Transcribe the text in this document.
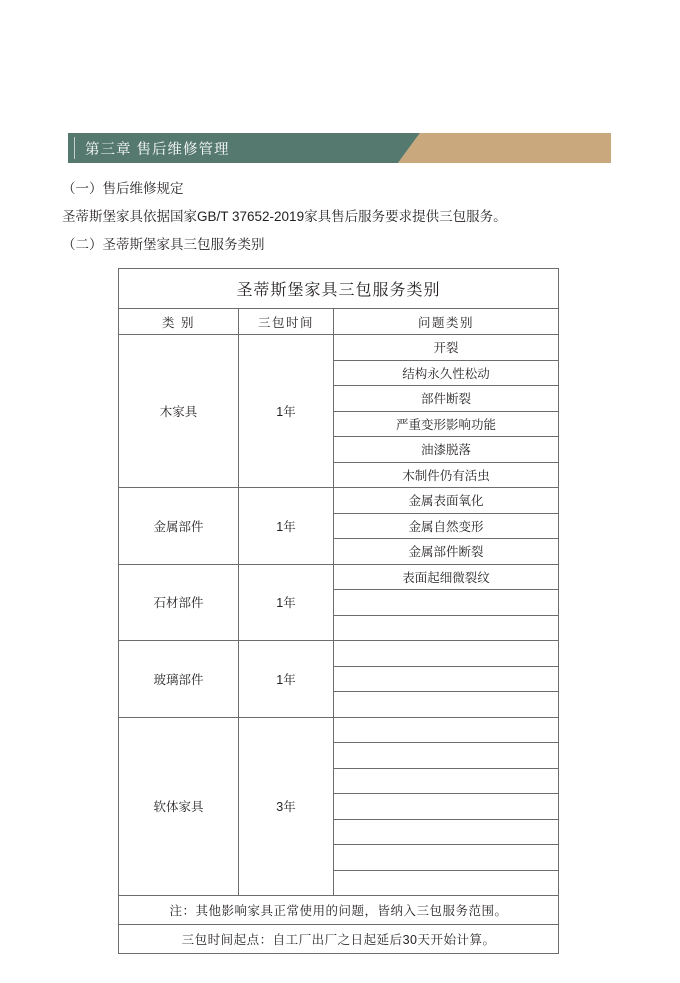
第三章 售后维修管理
（一）售后维修规定
圣蒂斯堡家具依据国家GB/T 37652-2019家具售后服务要求提供三包服务。
（二）圣蒂斯堡家具三包服务类别
圣蒂斯堡家具三包服务类别		
类 别	三包时间	问题类别
木家具	1年	开裂
		结构永久性松动
		部件断裂
		严重变形影响功能
		油漆脱落
		木制件仍有活虫
金属部件	1年	金属表面氧化
		金属自然变形
		金属部件断裂
石材部件	1年	表面起细微裂纹

玻璃部件	1年	

软体家具	3年	

注：其他影响家具正常使用的问题，皆纳入三包服务范围。		
三包时间起点：自工厂出厂之日起延后30天开始计算。		
